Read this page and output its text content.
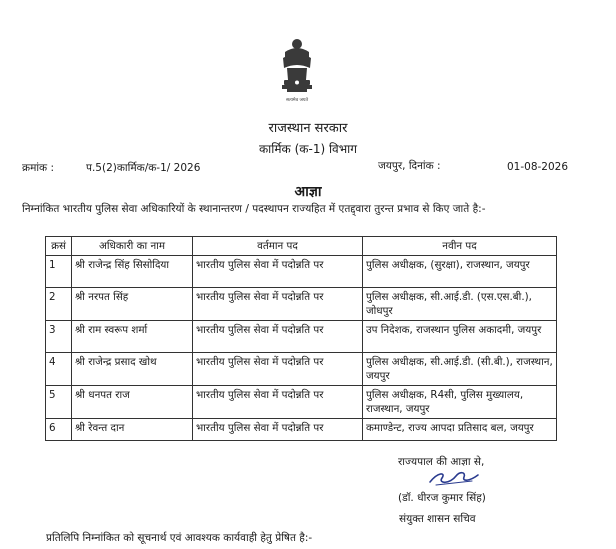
सत्यमेव जयते
राजस्थान सरकार
कार्मिक (क-1) विभाग
क्रमांक :	प.5(2)कार्मिक/क-1/ 2026	जयपुर, दिनांक :	01-08-2026
आज्ञा
निम्नांकित भारतीय पुलिस सेवा अधिकारियों के स्थानान्तरण / पदस्थापन राज्यहित में एतद्द्वारा तुरन्त प्रभाव से किए जाते है:-
क्रसं	अधिकारी का नाम	वर्तमान पद	नवीन पद
1	श्री राजेन्द्र सिंह सिसोदिया	भारतीय पुलिस सेवा में पदोन्नति पर	पुलिस अधीक्षक, (सुरक्षा), राजस्थान, जयपुर
2	श्री नरपत सिंह	भारतीय पुलिस सेवा में पदोन्नति पर	पुलिस अधीक्षक, सी.आई.डी. (एस.एस.बी.), जोधपुर
3	श्री राम स्वरूप शर्मा	भारतीय पुलिस सेवा में पदोन्नति पर	उप निदेशक, राजस्थान पुलिस अकादमी, जयपुर
4	श्री राजेन्द्र प्रसाद खोथ	भारतीय पुलिस सेवा में पदोन्नति पर	पुलिस अधीक्षक, सी.आई.डी. (सी.बी.), राजस्थान, जयपुर
5	श्री धनपत राज	भारतीय पुलिस सेवा में पदोन्नति पर	पुलिस अधीक्षक, R4सी, पुलिस मुख्यालय, राजस्थान, जयपुर
6	श्री रेवन्त दान	भारतीय पुलिस सेवा में पदोन्नति पर	कमाण्डेन्ट, राज्य आपदा प्रतिसाद बल, जयपुर
राज्यपाल की आज्ञा से,
(डॉ. धीरज कुमार सिंह)
संयुक्त शासन सचिव
प्रतिलिपि निम्नांकित को सूचनार्थ एवं आवश्यक कार्यवाही हेतु प्रेषित है:-
